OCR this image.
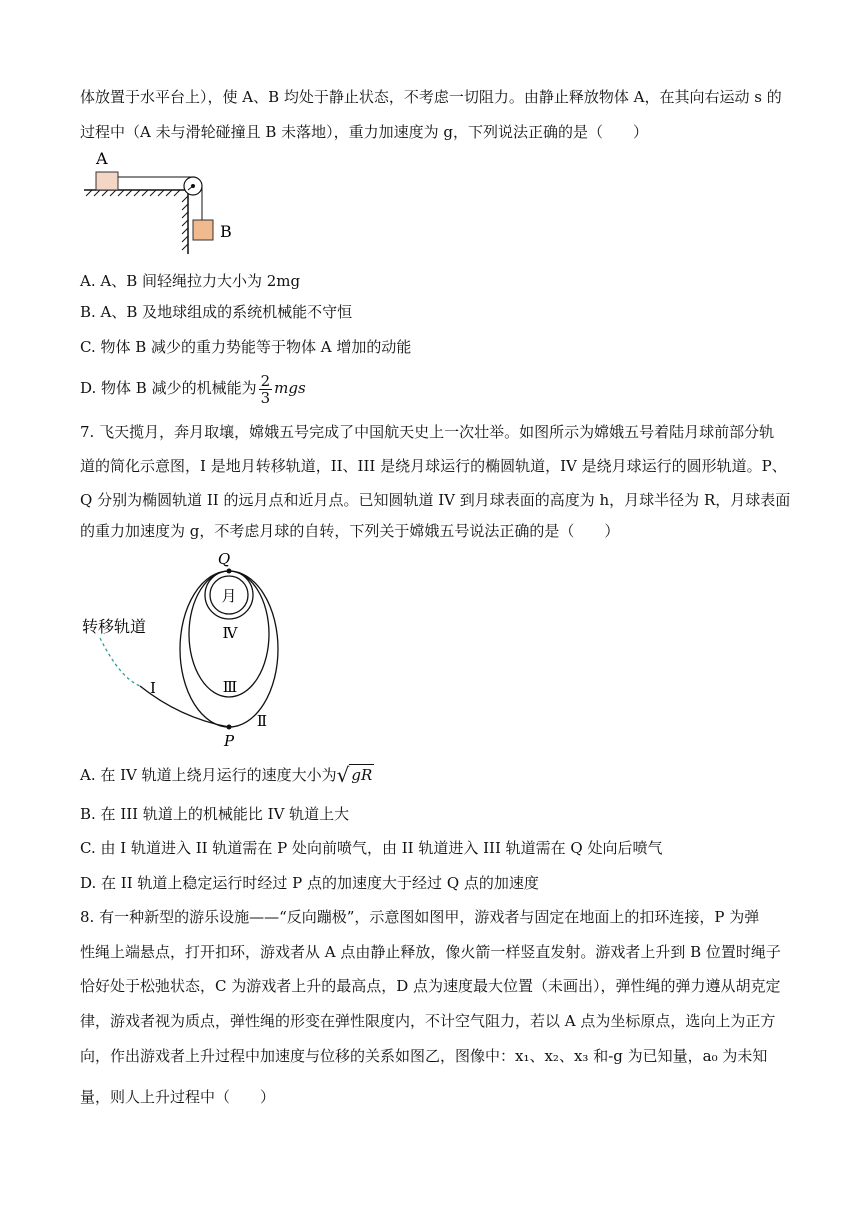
体放置于水平台上），使 A、B 均处于静止状态，不考虑一切阻力。由静止释放物体 A，在其向右运动 s 的
过程中（A 未与滑轮碰撞且 B 未落地），重力加速度为 g，下列说法正确的是（　　）
A
B
A. A、B 间轻绳拉力大小为 2mg
B. A、B 及地球组成的系统机械能不守恒
C. 物体 B 减少的重力势能等于物体 A 增加的动能
D. 物体 B 减少的机械能为 $\frac{2}{3}$ mgs
7. 飞天揽月，奔月取壤，嫦娥五号完成了中国航天史上一次壮举。如图所示为嫦娥五号着陆月球前部分轨
道的简化示意图，I 是地月转移轨道，II、III 是绕月球运行的椭圆轨道，IV 是绕月球运行的圆形轨道。P、
Q 分别为椭圆轨道 II 的远月点和近月点。已知圆轨道 IV 到月球表面的高度为 h，月球半径为 R，月球表面
的重力加速度为 g，不考虑月球的自转，下列关于嫦娥五号说法正确的是（　　）
Q
月
转移轨道	Ⅳ
Ⅲ
Ⅱ
I
P
A. 在 IV 轨道上绕月运行的速度大小为√ gR
B. 在 III 轨道上的机械能比 IV 轨道上大
C. 由 I 轨道进入 II 轨道需在 P 处向前喷气，由 II 轨道进入 III 轨道需在 Q 处向后喷气
D. 在 II 轨道上稳定运行时经过 P 点的加速度大于经过 Q 点的加速度
8. 有一种新型的游乐设施——“反向蹦极”，示意图如图甲，游戏者与固定在地面上的扣环连接，P 为弹
性绳上端悬点，打开扣环，游戏者从 A 点由静止释放，像火箭一样竖直发射。游戏者上升到 B 位置时绳子
恰好处于松弛状态，C 为游戏者上升的最高点，D 点为速度最大位置（未画出），弹性绳的弹力遵从胡克定
律，游戏者视为质点，弹性绳的形变在弹性限度内，不计空气阻力，若以 A 点为坐标原点，选向上为正方
向，作出游戏者上升过程中加速度与位移的关系如图乙，图像中：x₁、x₂、x₃ 和-g 为已知量，a₀ 为未知
量，则人上升过程中（　　）
